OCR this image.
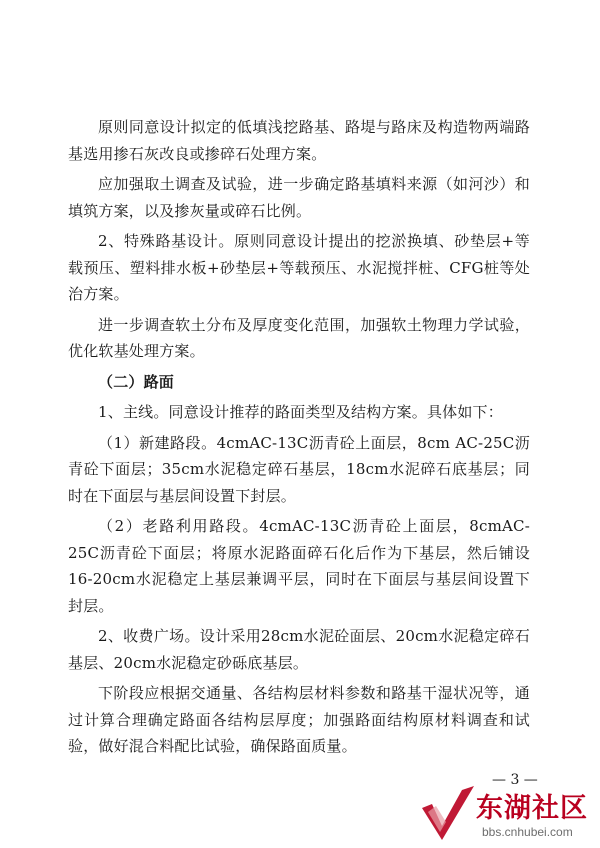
原则同意设计拟定的低填浅挖路基、路堤与路床及构造物两端路基选用掺石灰改良或掺碎石处理方案。

应加强取土调查及试验，进一步确定路基填料来源（如河沙）和填筑方案，以及掺灰量或碎石比例。

2、特殊路基设计。原则同意设计提出的挖淤换填、砂垫层+等载预压、塑料排水板+砂垫层+等载预压、水泥搅拌桩、CFG桩等处治方案。

进一步调查软土分布及厚度变化范围，加强软土物理力学试验，优化软基处理方案。

（二）路面

1、主线。同意设计推荐的路面类型及结构方案。具体如下：

（1）新建路段。4cmAC-13C沥青砼上面层，8cm AC-25C沥青砼下面层；35cm水泥稳定碎石基层，18cm水泥碎石底基层；同时在下面层与基层间设置下封层。

（2）老路利用路段。4cmAC-13C沥青砼上面层，8cmAC-25C沥青砼下面层；将原水泥路面碎石化后作为下基层，然后铺设16-20cm水泥稳定上基层兼调平层，同时在下面层与基层间设置下封层。

2、收费广场。设计采用28cm水泥砼面层、20cm水泥稳定碎石基层、20cm水泥稳定砂砾底基层。

下阶段应根据交通量、各结构层材料参数和路基干湿状况等，通过计算合理确定路面各结构层厚度；加强路面结构原材料调查和试验，做好混合料配比试验，确保路面质量。

— 3 —
东湖社区
bbs.cnhubei.com
